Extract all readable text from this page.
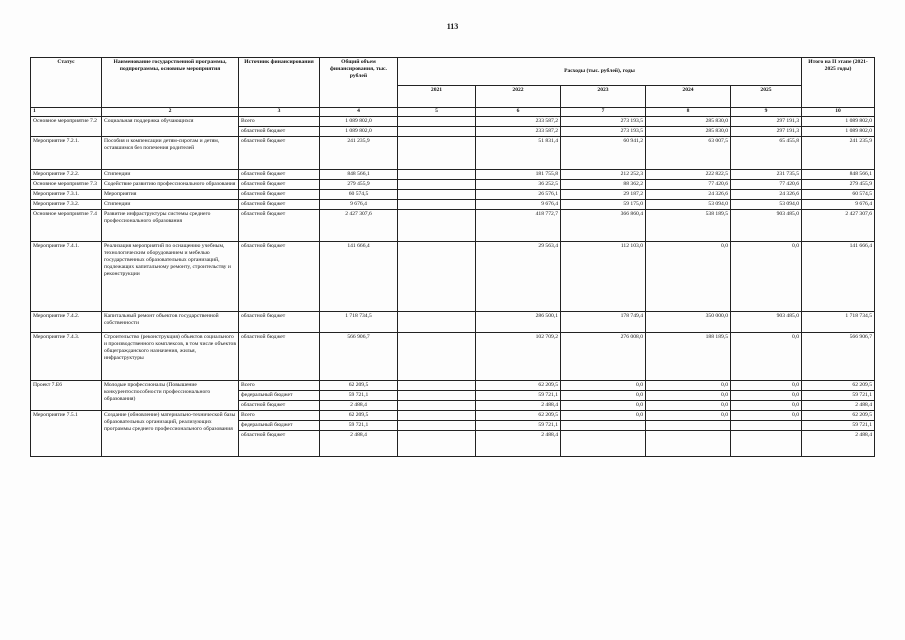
113
Статус	Наименование государственной программы, подпрограммы, основные мероприятия	Источник финансирования	Общий объем финансирования, тыс. рублей	Расходы (тыс. рублей), годы					Итого на II этапе (2021-2025 годы)
				2021	2022	2023	2024	2025	
1	2	3	4	5	6	7	8	9	10
Основное мероприятие 7.2	Социальная поддержка обучающихся	Всего	1 089 802,0		233 587,2	273 193,5	285 830,0	297 191,3	1 089 802,0
		областной бюджет	1 089 802,0		233 587,2	273 193,5	285 830,0	297 191,3	1 089 802,0
Мероприятие 7.2.1.	Пособия и компенсации детям-сиротам и детям, оставшимся без попечения родителей	областной бюджет	241 235,9		51 831,4	60 941,2	63 007,5	65 455,8	241 235,9
Мероприятие 7.2.2.	Стипендии	областной бюджет	848 566,1		181 755,8	212 252,3	222 822,5	231 735,5	848 566,1
Основное мероприятие 7.3	Содействие развитию профессионального образования	областной бюджет	279 455,9		36 252,5	88 362,2	77 420,6	77 420,6	279 455,9
Мероприятие 7.3.1.	Мероприятия	областной бюджет	60 574,5		26 576,1	29 187,2	24 326,6	24 326,6	60 574,5
Мероприятие 7.3.2.	Стипендии	областной бюджет	9 676,4		9 676,4	59 175,0	53 094,0	53 094,0	9 676,4
Основное мероприятие 7.4	Развитие инфраструктуры системы среднего профессионального образования	областной бюджет	2 427 307,6		418 772,7	366 860,4	538 189,5	903 485,0	2 427 307,6
Мероприятие 7.4.1.	Реализация мероприятий по оснащению учебным, технологическим оборудованием и мебелью государственных образовательных организаций, подлежащих капитальному ремонту, строительству и реконструкции	областной бюджет	141 666,4		29 563,4	112 103,0	0,0	0,0	141 666,4
Мероприятие 7.4.2.	Капитальный ремонт объектов государственной собственности	областной бюджет	1 718 734,5		286 500,1	178 749,4	350 000,0	903 485,0	1 718 734,5
Мероприятие 7.4.3.	Строительство (реконструкция) объектов социального и производственного комплексов, в том числе объектов общегражданского назначения, жилья, инфраструктуры	областной бюджет	566 906,7		102 709,2	276 008,0	188 189,5	0,0	566 906,7
Проект 7.Е6	Молодые профессионалы (Повышение конкурентоспособности профессионального образования)	Всего	62 209,5		62 209,5	0,0	0,0	0,0	62 209,5
		федеральный бюджет	59 721,1		59 721,1	0,0	0,0	0,0	59 721,1
		областной бюджет	2 488,4		2 488,4	0,0	0,0	0,0	2 488,4
Мероприятие 7.5.1	Создание (обновление) материально-технической базы образовательных организаций, реализующих программы среднего профессионального образования	Всего	62 209,5		62 209,5	0,0	0,0	0,0	62 209,5
		федеральный бюджет	59 721,1		59 721,1				59 721,1
		областной бюджет	2 488,4		2 488,4				2 488,4
